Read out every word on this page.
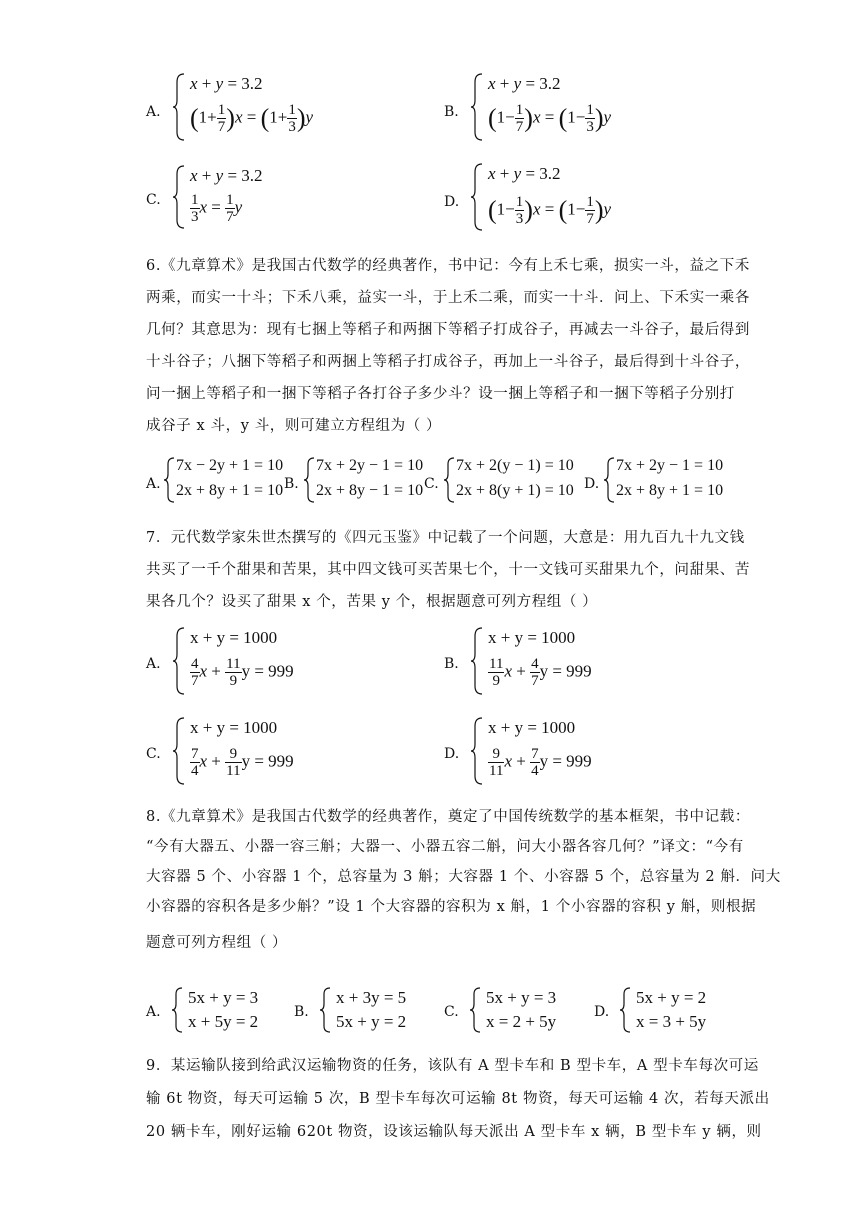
A.
x + y = 3.2
$(1+ \frac{1}{7} )x = (1+ \frac{1}{3} )y$	B.
x + y = 3.2
$(1- \frac{1}{7} )x = (1- \frac{1}{3} )y$
C.
x + y = 3.2
$\frac{1}{3}$ $x = \frac{1}{7}$ y	D.
x + y = 3.2
$(1- \frac{1}{3} )x = (1- \frac{1}{7} )y$
6.《九章算术》是我国古代数学的经典著作，书中记：今有上禾七乘，损实一斗，益之下禾
两乘，而实一十斗；下禾八乘，益实一斗，于上禾二乘，而实一十斗．问上、下禾实一乘各
几何？其意思为：现有七捆上等稻子和两捆下等稻子打成谷子，再减去一斗谷子，最后得到
十斗谷子；八捆下等稻子和两捆上等稻子打成谷子，再加上一斗谷子，最后得到十斗谷子，
问一捆上等稻子和一捆下等稻子各打谷子多少斗？设一捆上等稻子和一捆下等稻子分别打
成谷子 x 斗，y 斗，则可建立方程组为（ ）
A.
7x − 2y + 1 = 10
2x + 8y + 1 = 10 B.
7x + 2y − 1 = 10
2x + 8y − 1 = 10 C.
7x + 2(y − 1) = 10
2x + 8(y + 1) = 10 D.
7x + 2y − 1 = 10
2x + 8y + 1 = 10
7．元代数学家朱世杰撰写的《四元玉鉴》中记载了一个问题，大意是：用九百九十九文钱
共买了一千个甜果和苦果，其中四文钱可买苦果七个，十一文钱可买甜果九个，问甜果、苦
果各几个？设买了甜果 x 个，苦果 y 个，根据题意可列方程组（ ）
A.
x + y = 1000
$\frac{4}{7}$ $x + \frac{11}{9}$ y = 999	B.
x + y = 1000
$\frac{11}{9}$ $x + \frac{4}{7}$ y = 999
C.
x + y = 1000
$\frac{7}{4}$ $x + \frac{9}{11}$ y = 999	D.
x + y = 1000
$\frac{9}{11}$ $x + \frac{7}{4}$ y = 999
8.《九章算术》是我国古代数学的经典著作，奠定了中国传统数学的基本框架，书中记载：
“今有大器五、小器一容三斛；大器一、小器五容二斛，问大小器各容几何？”译文：“今有
大容器 5 个、小容器 1 个，总容量为 3 斛；大容器 1 个、小容器 5 个，总容量为 2 斛．问大
小容器的容积各是多少斛？”设 1 个大容器的容积为 x 斛，1 个小容器的容积 y 斛，则根据
题意可列方程组（ ）
A.
5x + y = 3
x + 5y = 2	B.
x + 3y = 5
5x + y = 2	C.
5x + y = 3
x = 2 + 5y	D.
5x + y = 2
x = 3 + 5y
9．某运输队接到给武汉运输物资的任务，该队有 A 型卡车和 B 型卡车，A 型卡车每次可运
输 6t 物资，每天可运输 5 次，B 型卡车每次可运输 8t 物资，每天可运输 4 次，若每天派出
20 辆卡车，刚好运输 620t 物资，设该运输队每天派出 A 型卡车 x 辆，B 型卡车 y 辆，则
